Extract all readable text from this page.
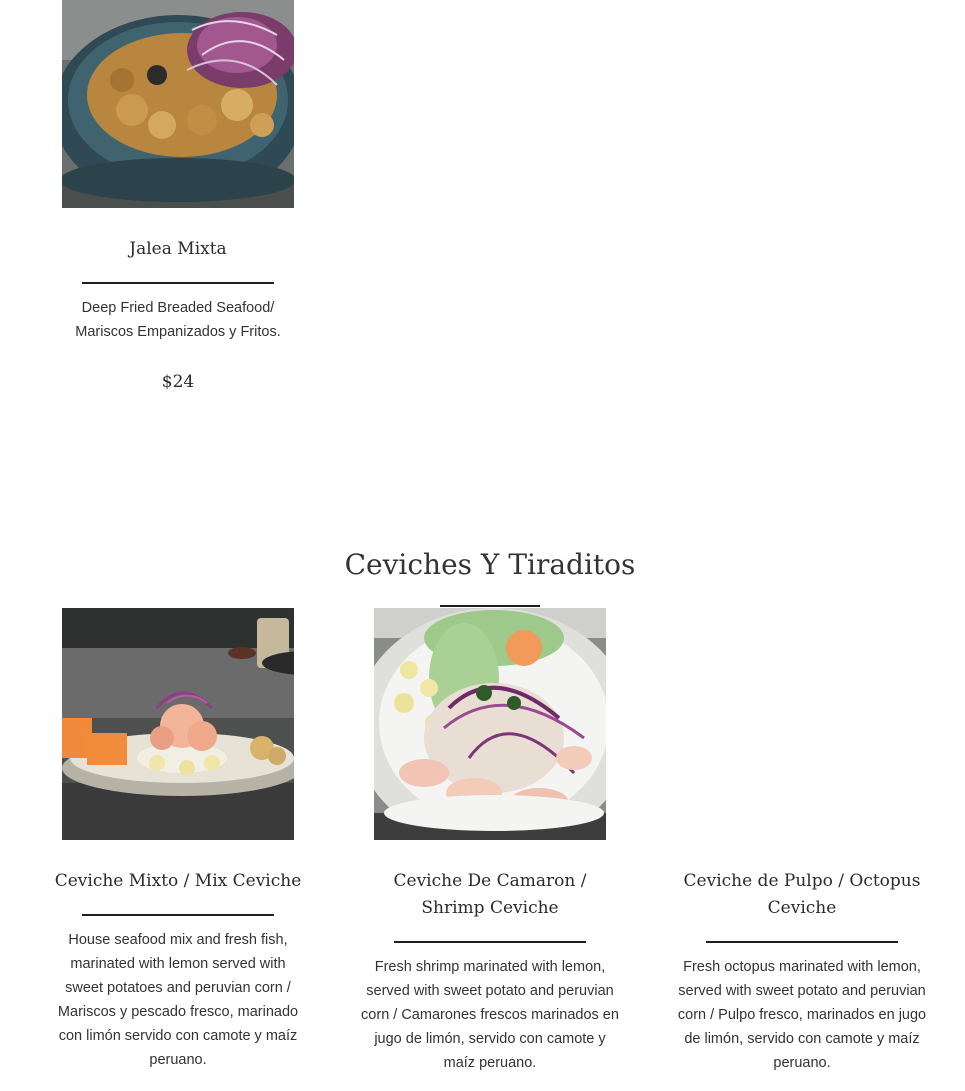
Jalea Mixta
Deep Fried Breaded Seafood/ Mariscos Empanizados y Fritos.
$24
Ceviches Y Tiraditos
Ceviche Mixto / Mix Ceviche
House seafood mix and fresh fish, marinated with lemon served with sweet potatoes and peruvian corn / Mariscos y pescado fresco, marinado con limón servido con camote y maíz peruano.
Ceviche De Camaron / Shrimp Ceviche
Fresh shrimp marinated with lemon, served with sweet potato and peruvian corn / Camarones frescos marinados en jugo de limón, servido con camote y maíz peruano.
Ceviche de Pulpo / Octopus Ceviche
Fresh octopus marinated with lemon, served with sweet potato and peruvian corn / Pulpo fresco, marinados en jugo de limón, servido con camote y maíz peruano.
